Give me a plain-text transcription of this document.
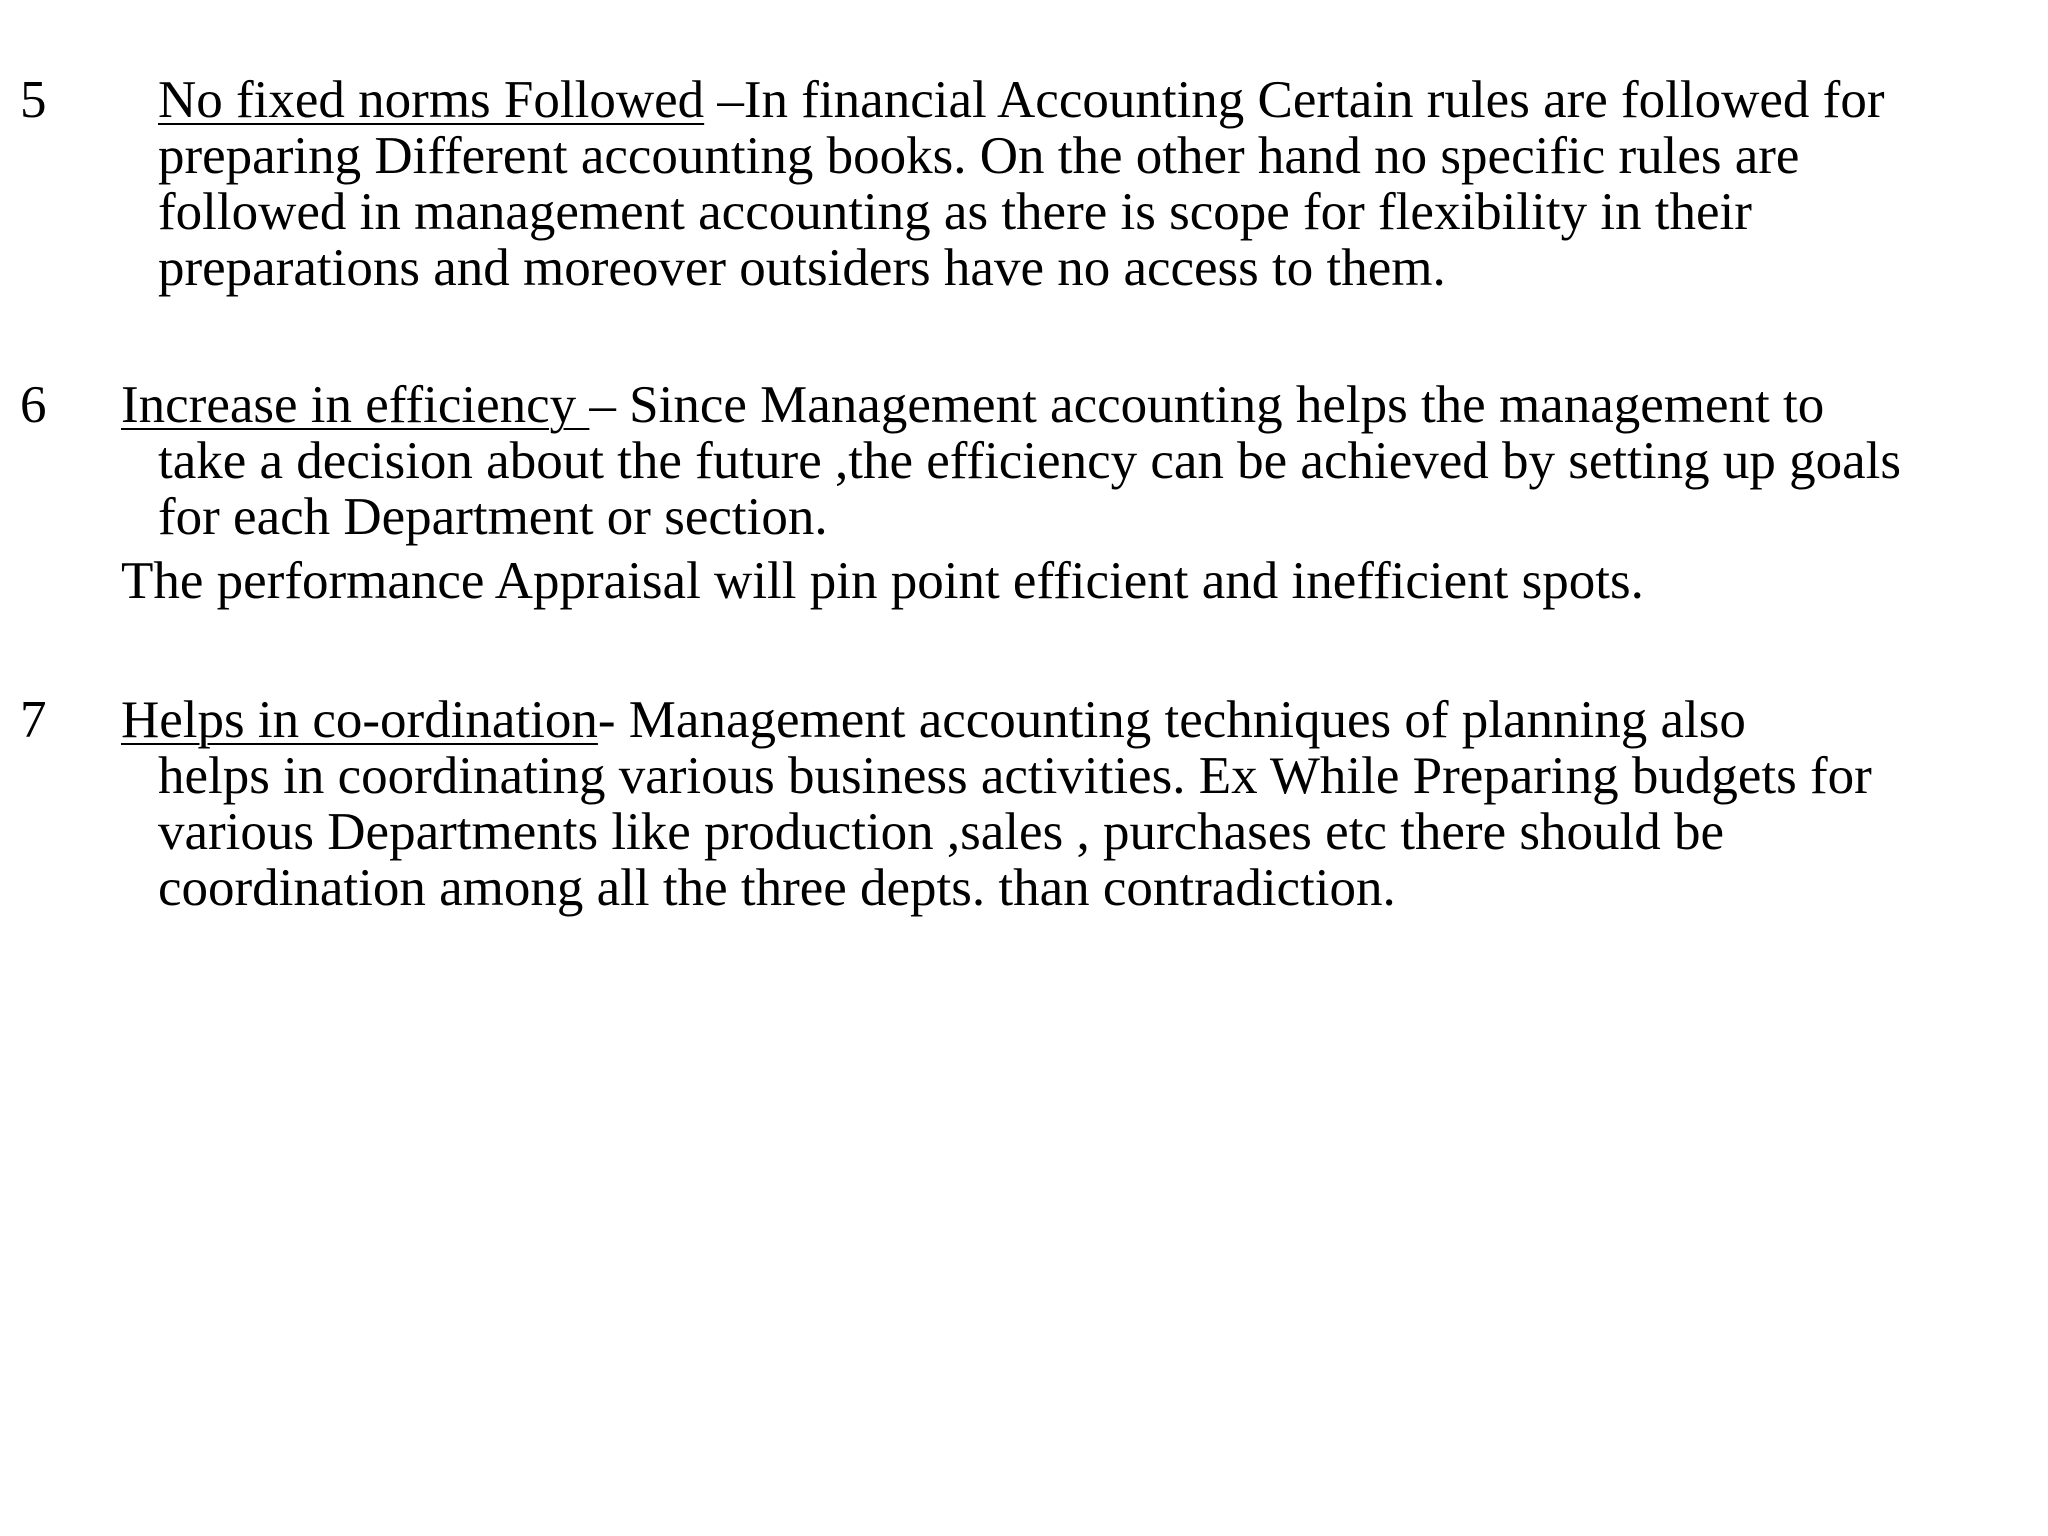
5 No fixed norms Followed –In financial Accounting Certain rules are followed for

preparing Different accounting books. On the other hand no specific rules are

followed in management accounting as there is scope for flexibility in their

preparations and moreover outsiders have no access to them.

6 Increase in efficiency – Since Management accounting helps the management to

take a decision about the future ,the efficiency can be achieved by setting up goals

for each Department or section.

The performance Appraisal will pin point efficient and inefficient spots.

7 Helps in co-ordination- Management accounting techniques of planning also

helps in coordinating various business activities. Ex While Preparing budgets for

various Departments like production ,sales , purchases etc there should be

coordination among all the three depts. than contradiction.
